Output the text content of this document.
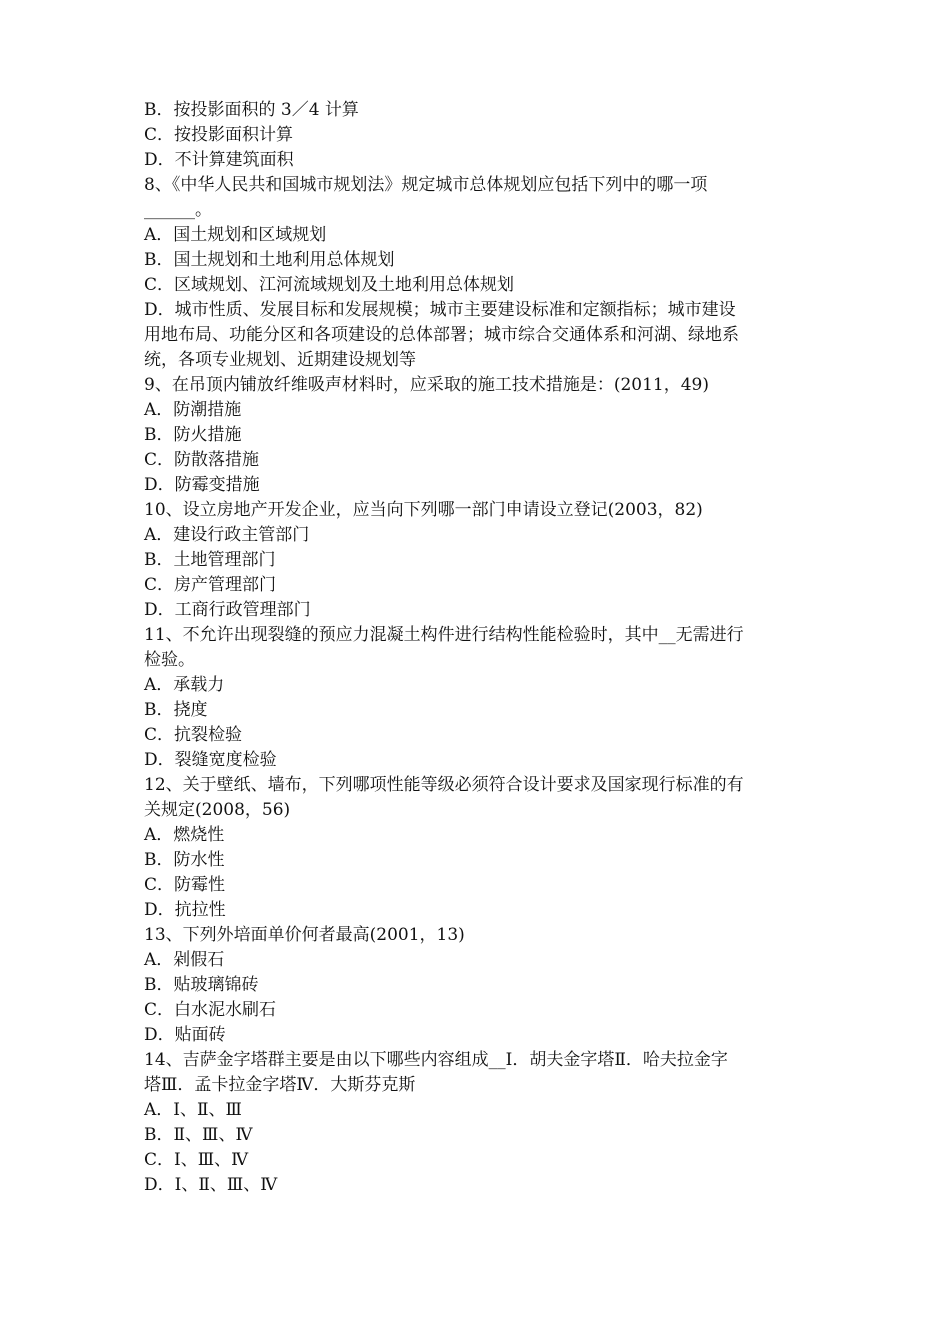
B．按投影面积的 3／4 计算
C．按投影面积计算
D．不计算建筑面积
8、《中华人民共和国城市规划法》规定城市总体规划应包括下列中的哪一项
______。
A．国土规划和区域规划
B．国土规划和土地利用总体规划
C．区域规划、江河流域规划及土地利用总体规划
D．城市性质、发展目标和发展规模；城市主要建设标准和定额指标；城市建设
用地布局、功能分区和各项建设的总体部署；城市综合交通体系和河湖、绿地系
统，各项专业规划、近期建设规划等
9、在吊顶内铺放纤维吸声材料时，应采取的施工技术措施是：(2011，49)
A．防潮措施
B．防火措施
C．防散落措施
D．防霉变措施
10、设立房地产开发企业，应当向下列哪一部门申请设立登记(2003，82)
A．建设行政主管部门
B．土地管理部门
C．房产管理部门
D．工商行政管理部门
11、不允许出现裂缝的预应力混凝土构件进行结构性能检验时，其中__无需进行
检验。
A．承载力
B．挠度
C．抗裂检验
D．裂缝宽度检验
12、关于壁纸、墙布，下列哪项性能等级必须符合设计要求及国家现行标准的有
关规定(2008，56)
A．燃烧性
B．防水性
C．防霉性
D．抗拉性
13、下列外培面单价何者最高(2001，13)
A．剁假石
B．贴玻璃锦砖
C．白水泥水刷石
D．贴面砖
14、吉萨金字塔群主要是由以下哪些内容组成__Ⅰ．胡夫金字塔Ⅱ．哈夫拉金字
塔Ⅲ．孟卡拉金字塔Ⅳ．大斯芬克斯
A．Ⅰ、Ⅱ、Ⅲ
B．Ⅱ、Ⅲ、Ⅳ
C．Ⅰ、Ⅲ、Ⅳ
D．Ⅰ、Ⅱ、Ⅲ、Ⅳ
